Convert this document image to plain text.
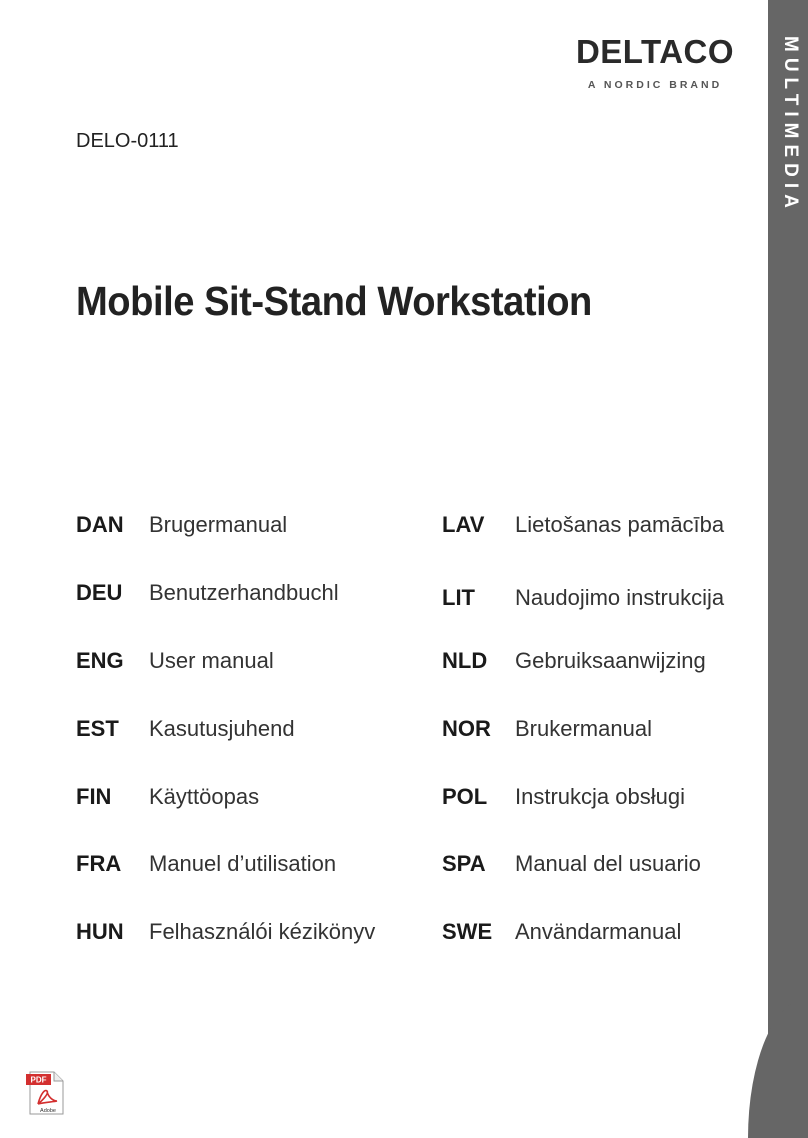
MULTIMEDIA
DELTACO
A NORDIC BRAND
DELO-0111
Mobile Sit-Stand Workstation
DAN Brugermanual
DEU Benutzerhandbuchl
ENG User manual
EST Kasutusjuhend
FIN Käyttöopas
FRA Manuel d’utilisation
HUN Felhasználói kézikönyv
LAV Lietošanas pamācība
LIT Naudojimo instrukcija
NLD Gebruiksaanwijzing
NOR Brukermanual
POL Instrukcja obsługi
SPA Manual del usuario
SWE Användarmanual
PDF
Adobe
